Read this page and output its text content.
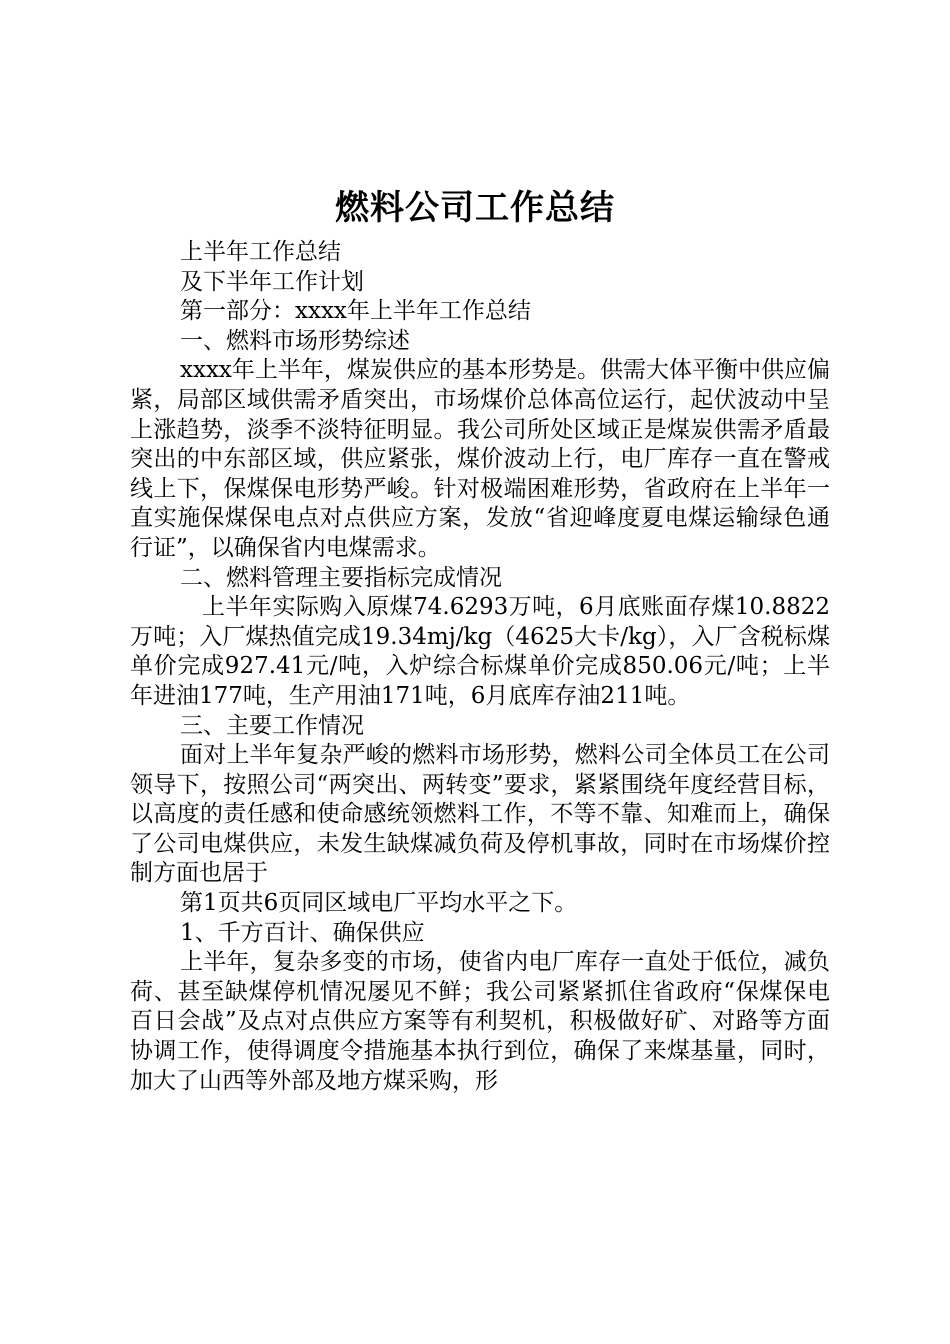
燃料公司工作总结

上半年工作总结

及下半年工作计划

第一部分：xxxx年上半年工作总结

一、燃料市场形势综述

xxxx年上半年，煤炭供应的基本形势是。供需大体平衡中供应偏紧，局部区域供需矛盾突出，市场煤价总体高位运行，起伏波动中呈上涨趋势，淡季不淡特征明显。我公司所处区域正是煤炭供需矛盾最突出的中东部区域，供应紧张，煤价波动上行，电厂库存一直在警戒线上下，保煤保电形势严峻。针对极端困难形势，省政府在上半年一直实施保煤保电点对点供应方案，发放“省迎峰度夏电煤运输绿色通行证”，以确保省内电煤需求。

二、燃料管理主要指标完成情况

上半年实际购入原煤74.6293万吨，6月底账面存煤10.8822万吨；入厂煤热值完成19.34mj/kg（4625大卡/kg），入厂含税标煤单价完成927.41元/吨，入炉综合标煤单价完成850.06元/吨；上半年进油177吨，生产用油171吨，6月底库存油211吨。

三、主要工作情况

面对上半年复杂严峻的燃料市场形势，燃料公司全体员工在公司领导下，按照公司“两突出、两转变”要求，紧紧围绕年度经营目标，以高度的责任感和使命感统领燃料工作，不等不靠、知难而上，确保了公司电煤供应，未发生缺煤减负荷及停机事故，同时在市场煤价控制方面也居于

第1页共6页同区域电厂平均水平之下。

1、千方百计、确保供应

上半年，复杂多变的市场，使省内电厂库存一直处于低位，减负荷、甚至缺煤停机情况屡见不鲜；我公司紧紧抓住省政府“保煤保电百日会战”及点对点供应方案等有利契机，积极做好矿、对路等方面协调工作，使得调度令措施基本执行到位，确保了来煤基量，同时，加大了山西等外部及地方煤采购，形
